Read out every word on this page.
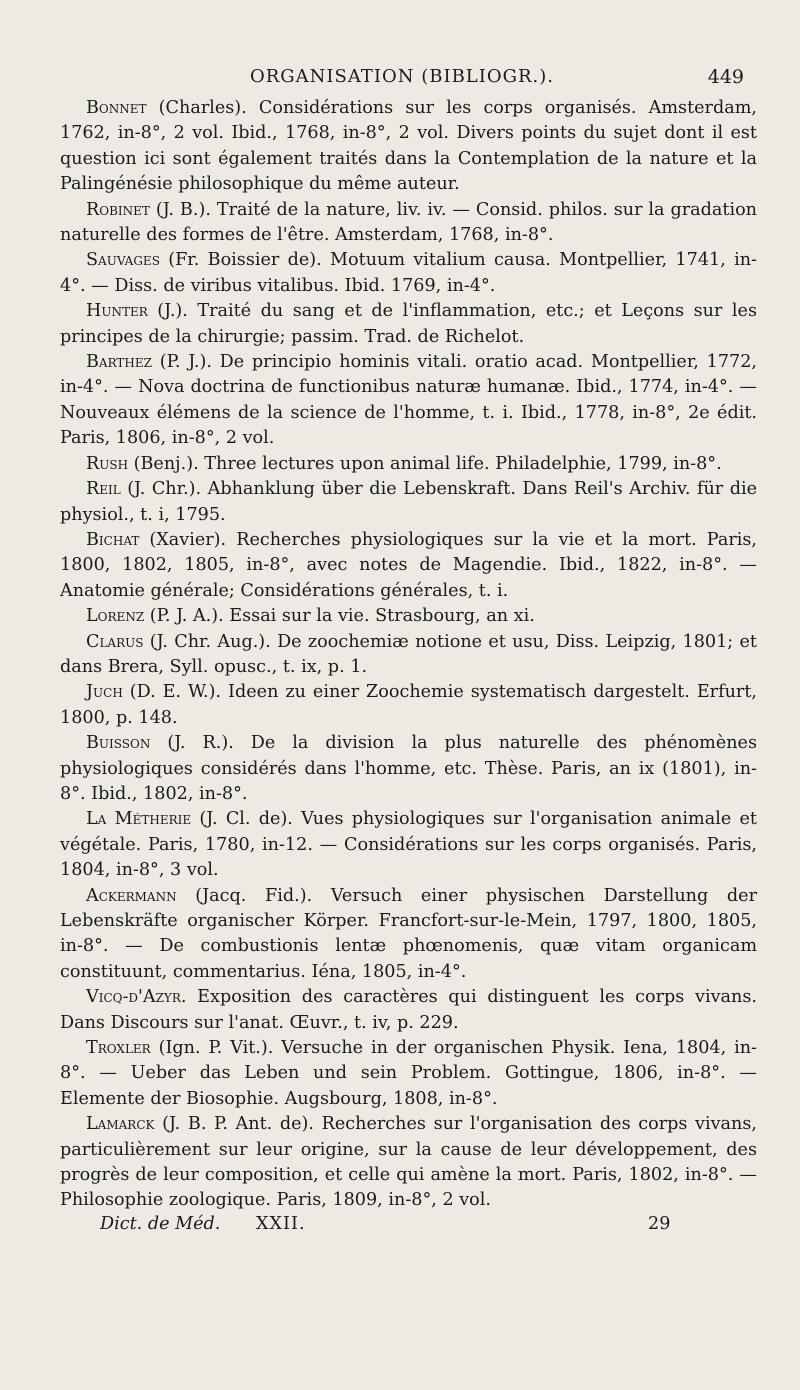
ORGANISATION (BIBLIOGR.).	449

Bonnet (Charles). Considérations sur les corps organisés. Amsterdam, 1762, in-8°, 2 vol. Ibid., 1768, in-8°, 2 vol. Divers points du sujet dont il est question ici sont également traités dans la Contemplation de la nature et la Palingénésie philosophique du même auteur.

Robinet (J. B.). Traité de la nature, liv. iv. — Consid. philos. sur la gradation naturelle des formes de l'être. Amsterdam, 1768, in-8°.

Sauvages (Fr. Boissier de). Motuum vitalium causa. Montpellier, 1741, in-4°. — Diss. de viribus vitalibus. Ibid. 1769, in-4°.

Hunter (J.). Traité du sang et de l'inflammation, etc.; et Leçons sur les principes de la chirurgie; passim. Trad. de Richelot.

Barthez (P. J.). De principio hominis vitali. oratio acad. Montpellier, 1772, in-4°. — Nova doctrina de functionibus naturæ humanæ. Ibid., 1774, in-4°. — Nouveaux élémens de la science de l'homme, t. i. Ibid., 1778, in-8°, 2e édit. Paris, 1806, in-8°, 2 vol.

Rush (Benj.). Three lectures upon animal life. Philadelphie, 1799, in-8°.

Reil (J. Chr.). Abhanklung über die Lebenskraft. Dans Reil's Archiv. für die physiol., t. i, 1795.

Bichat (Xavier). Recherches physiologiques sur la vie et la mort. Paris, 1800, 1802, 1805, in-8°, avec notes de Magendie. Ibid., 1822, in-8°. — Anatomie générale; Considérations générales, t. i.

Lorenz (P. J. A.). Essai sur la vie. Strasbourg, an xi.

Clarus (J. Chr. Aug.). De zoochemiæ notione et usu, Diss. Leipzig, 1801; et dans Brera, Syll. opusc., t. ix, p. 1.

Juch (D. E. W.). Ideen zu einer Zoochemie systematisch dargestelt. Erfurt, 1800, p. 148.

Buisson (J. R.). De la division la plus naturelle des phénomènes physiologiques considérés dans l'homme, etc. Thèse. Paris, an ix (1801), in-8°. Ibid., 1802, in-8°.

La Métherie (J. Cl. de). Vues physiologiques sur l'organisation animale et végétale. Paris, 1780, in-12. — Considérations sur les corps organisés. Paris, 1804, in-8°, 3 vol.

Ackermann (Jacq. Fid.). Versuch einer physischen Darstellung der Lebenskräfte organischer Körper. Francfort-sur-le-Mein, 1797, 1800, 1805, in-8°. — De combustionis lentæ phœnomenis, quæ vitam organicam constituunt, commentarius. Iéna, 1805, in-4°.

Vicq-d'Azyr. Exposition des caractères qui distinguent les corps vivans. Dans Discours sur l'anat. Œuvr., t. iv, p. 229.

Troxler (Ign. P. Vit.). Versuche in der organischen Physik. Iena, 1804, in-8°. — Ueber das Leben und sein Problem. Gottingue, 1806, in-8°. — Elemente der Biosophie. Augsbourg, 1808, in-8°.

Lamarck (J. B. P. Ant. de). Recherches sur l'organisation des corps vivans, particulièrement sur leur origine, sur la cause de leur développement, des progrès de leur composition, et celle qui amène la mort. Paris, 1802, in-8°. — Philosophie zoologique. Paris, 1809, in-8°, 2 vol.

Dict. de Méd. XXII.	29
